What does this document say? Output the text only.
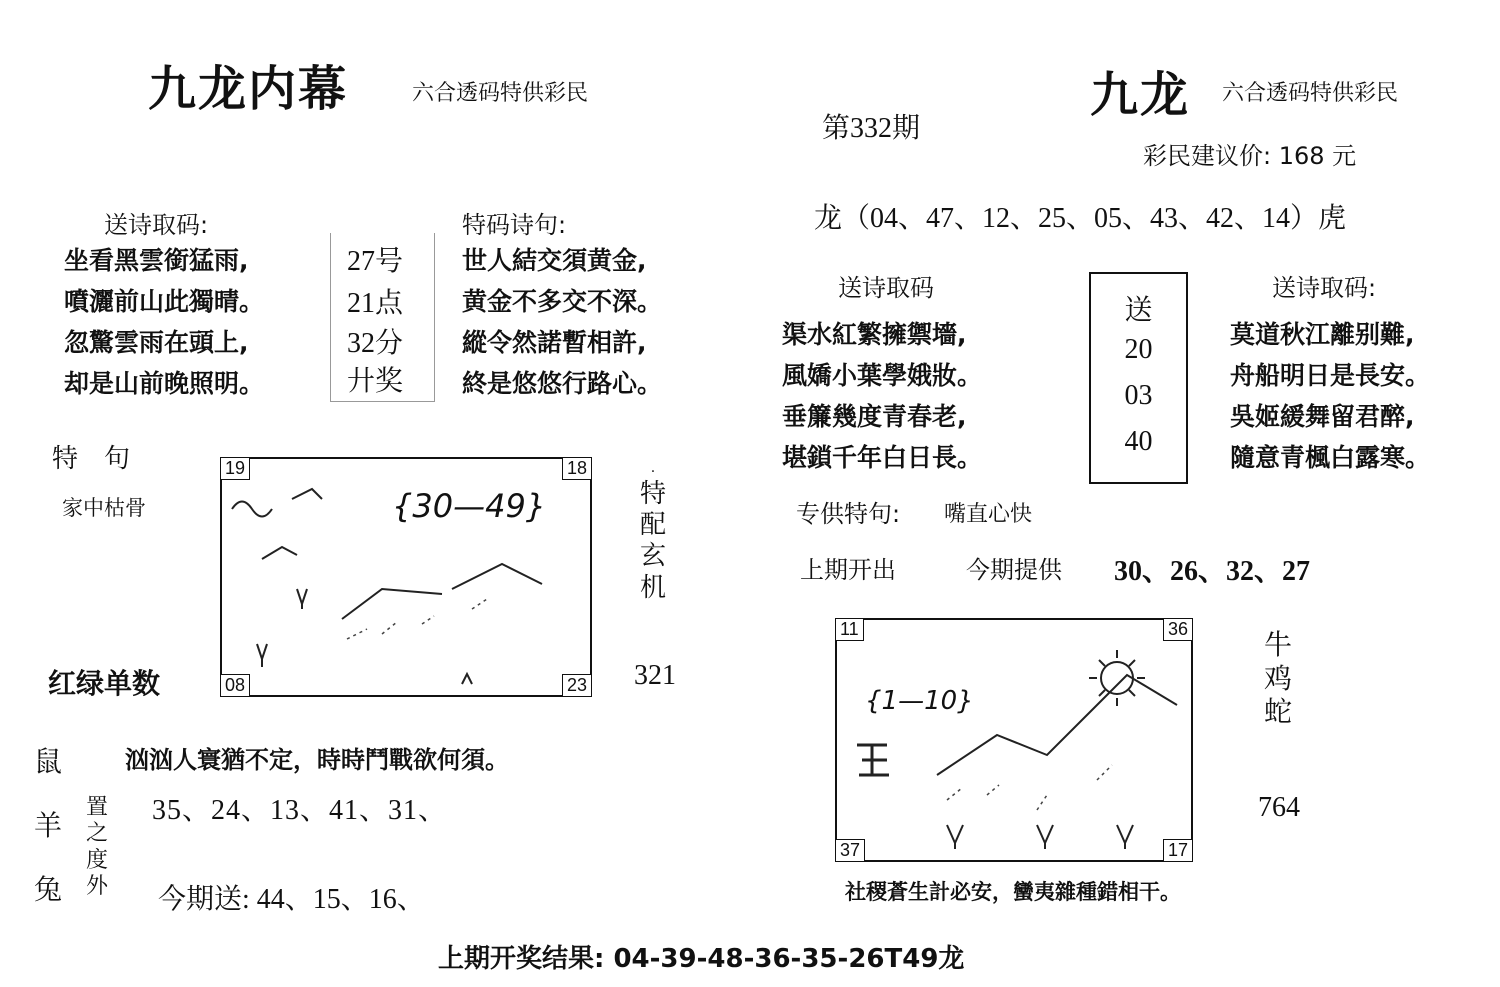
九龙内幕	六合透码特供彩民
送诗取码:
坐看黑雲銜猛雨,
噴灑前山此獨晴。
忽驚雲雨在頭上,
却是山前晚照明。
27号
21点
32分
廾奖
特码诗句:
世人結交須黄金,
黄金不多交不深。
縱令然諾暫相許,
終是悠悠行路心。
特　句
家中枯骨
19	18
08	23
{30—49}
·
特
配
玄
机
红绿单数	321
汹汹人寰猶不定，時時鬥戰欲何須。
鼠
羊
兔
置
之
度
外
35、24、13、41、31、
今期送: 44、15、16、
九龙 六合透码特供彩民
第332期
彩民建议价: 168 元
龙（04、47、12、25、05、43、42、14）虎
送诗取码
渠水紅繁擁禦墻,
風嬌小葉學娥妝。
垂簾幾度青春老,
堪鎖千年白日長。
送
20
03
40
送诗取码:
莫道秋江離别難,
舟船明日是長安。
吳姬緩舞留君醉,
隨意青楓白露寒。
专供特句: 嘴直心快
上期开出	今期提供 30、26、32、27
11	36
37	17
{1—10}
牛
鸡
蛇
764
社稷蒼生計必安，蠻夷雜種錯相干。
上期开奖结果: 04-39-48-36-35-26T49龙
